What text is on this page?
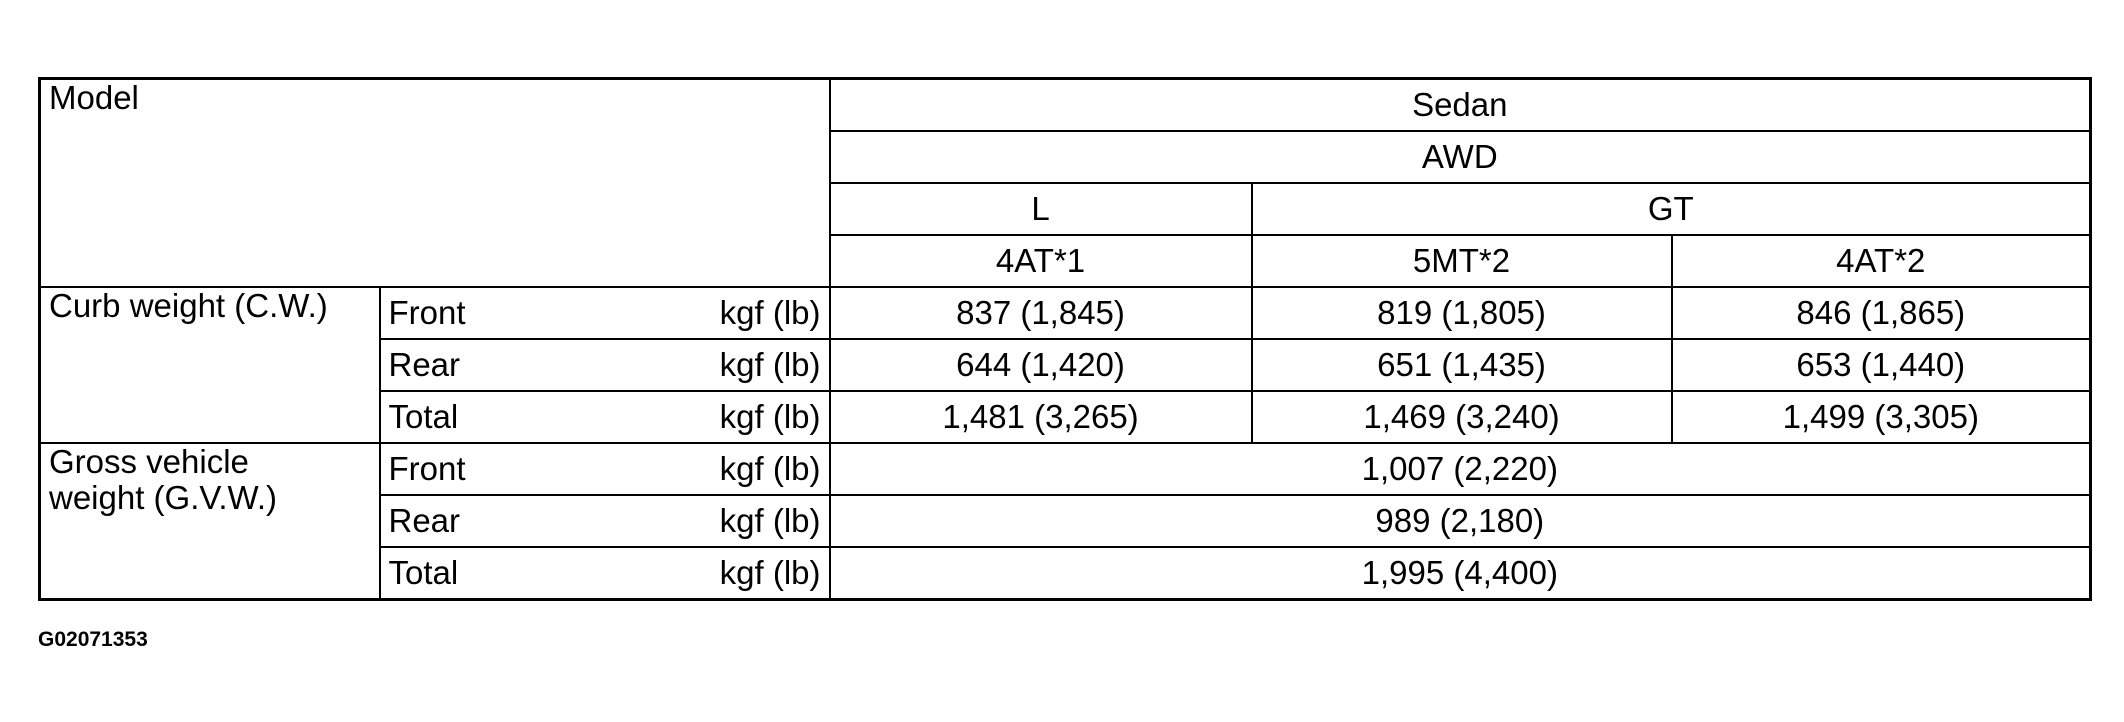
Model			Sedan		
			AWD		
			L	GT	
			4AT*1	5MT*2	4AT*2
Curb weight (C.W.)	Front	kgf (lb)	837 (1,845)	819 (1,805)	846 (1,865)
	Rear	kgf (lb)	644 (1,420)	651 (1,435)	653 (1,440)
	Total	kgf (lb)	1,481 (3,265)	1,469 (3,240)	1,499 (3,305)
Gross vehicle
weight (G.V.W.)	Front	kgf (lb)	1,007 (2,220)		
	Rear	kgf (lb)	989 (2,180)		
	Total	kgf (lb)	1,995 (4,400)		
G02071353
